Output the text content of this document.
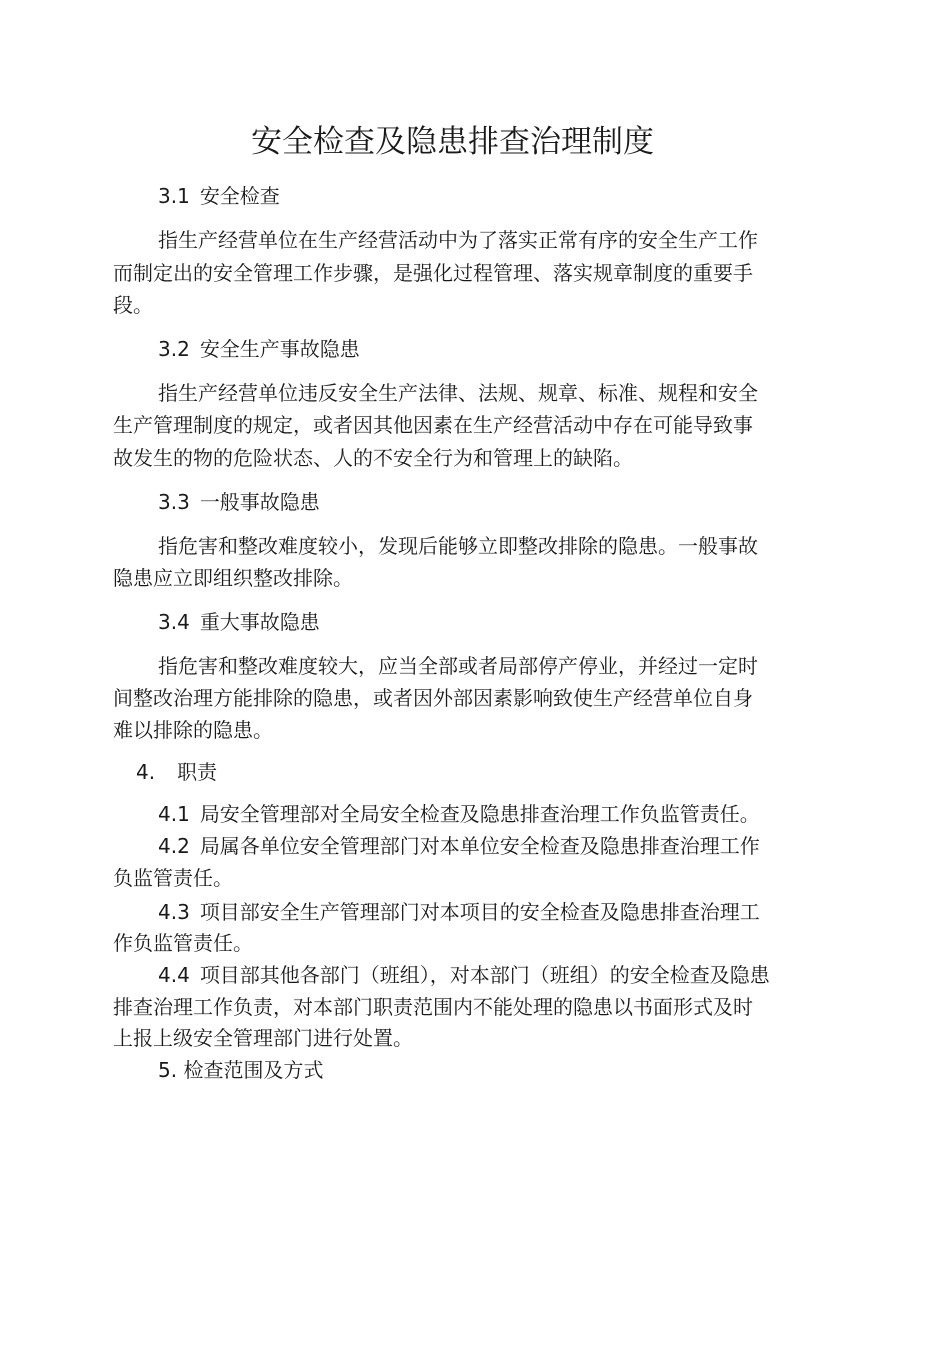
安全检查及隐患排查治理制度
3.1 安全检查
指生产经营单位在生产经营活动中为了落实正常有序的安全生产工作
而制定出的安全管理工作步骤，是强化过程管理、落实规章制度的重要手
段。
3.2 安全生产事故隐患
指生产经营单位违反安全生产法律、法规、规章、标准、规程和安全
生产管理制度的规定，或者因其他因素在生产经营活动中存在可能导致事
故发生的物的危险状态、人的不安全行为和管理上的缺陷。
3.3 一般事故隐患
指危害和整改难度较小，发现后能够立即整改排除的隐患。一般事故
隐患应立即组织整改排除。
3.4 重大事故隐患
指危害和整改难度较大，应当全部或者局部停产停业，并经过一定时
间整改治理方能排除的隐患，或者因外部因素影响致使生产经营单位自身
难以排除的隐患。
4. 职责
4.1 局安全管理部对全局安全检查及隐患排查治理工作负监管责任。
4.2 局属各单位安全管理部门对本单位安全检查及隐患排查治理工作
负监管责任。
4.3 项目部安全生产管理部门对本项目的安全检查及隐患排查治理工
作负监管责任。
4.4 项目部其他各部门（班组），对本部门（班组）的安全检查及隐患
排查治理工作负责，对本部门职责范围内不能处理的隐患以书面形式及时
上报上级安全管理部门进行处置。
5. 检查范围及方式
